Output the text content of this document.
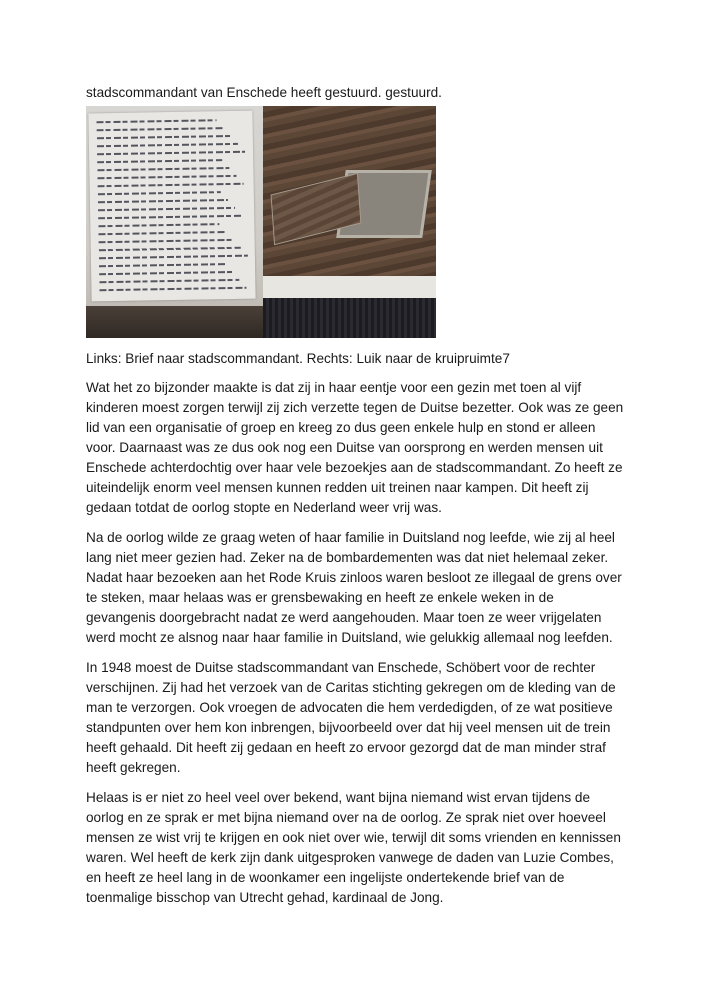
stadscommandant van Enschede heeft gestuurd. gestuurd.
Links: Brief naar stadscommandant. Rechts: Luik naar de kruipruimte7

Wat het zo bijzonder maakte is dat zij in haar eentje voor een gezin met toen al vijf kinderen moest zorgen terwijl zij zich verzette tegen de Duitse bezetter. Ook was ze geen lid van een organisatie of groep en kreeg zo dus geen enkele hulp en stond er alleen voor. Daarnaast was ze dus ook nog een Duitse van oorsprong en werden mensen uit Enschede achterdochtig over haar vele bezoekjes aan de stadscommandant. Zo heeft ze uiteindelijk enorm veel mensen kunnen redden uit treinen naar kampen. Dit heeft zij gedaan totdat de oorlog stopte en Nederland weer vrij was.

Na de oorlog wilde ze graag weten of haar familie in Duitsland nog leefde, wie zij al heel lang niet meer gezien had. Zeker na de bombardementen was dat niet helemaal zeker. Nadat haar bezoeken aan het Rode Kruis zinloos waren besloot ze illegaal de grens over te steken, maar helaas was er grensbewaking en heeft ze enkele weken in de gevangenis doorgebracht nadat ze werd aangehouden. Maar toen ze weer vrijgelaten werd mocht ze alsnog naar haar familie in Duitsland, wie gelukkig allemaal nog leefden.

In 1948 moest de Duitse stadscommandant van Enschede, Schöbert voor de rechter verschijnen. Zij had het verzoek van de Caritas stichting gekregen om de kleding van de man te verzorgen. Ook vroegen de advocaten die hem verdedigden, of ze wat positieve standpunten over hem kon inbrengen, bijvoorbeeld over dat hij veel mensen uit de trein heeft gehaald. Dit heeft zij gedaan en heeft zo ervoor gezorgd dat de man minder straf heeft gekregen.

Helaas is er niet zo heel veel over bekend, want bijna niemand wist ervan tijdens de oorlog en ze sprak er met bijna niemand over na de oorlog. Ze sprak niet over hoeveel mensen ze wist vrij te krijgen en ook niet over wie, terwijl dit soms vrienden en kennissen waren. Wel heeft de kerk zijn dank uitgesproken vanwege de daden van Luzie Combes, en heeft ze heel lang in de woonkamer een ingelijste ondertekende brief van de toenmalige bisschop van Utrecht gehad, kardinaal de Jong.
